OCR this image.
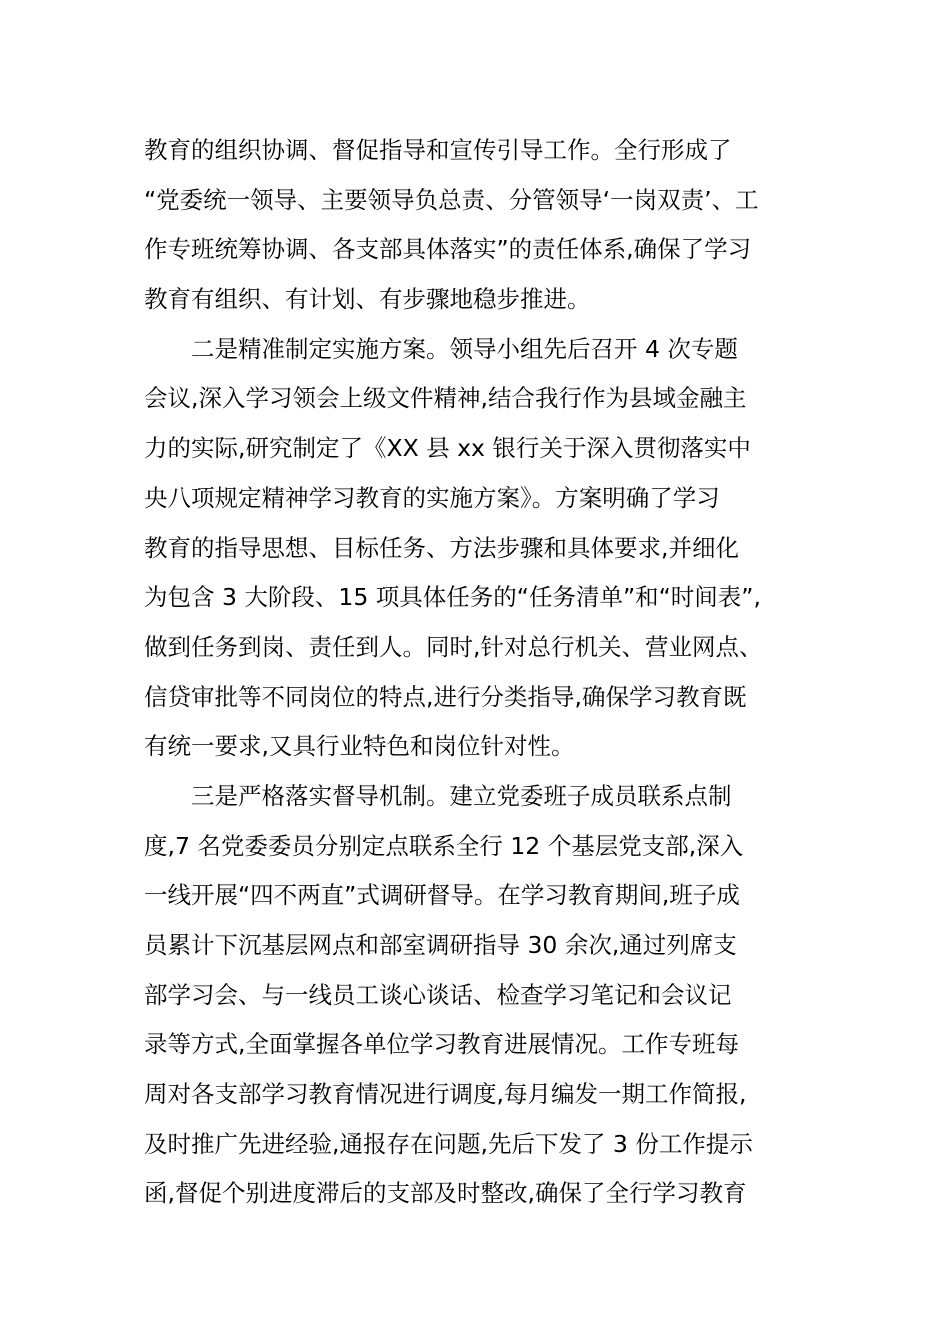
教育的组织协调、督促指导和宣传引导工作。全行形成了
“党委统一领导、主要领导负总责、分管领导‘一岗双责’、工
作专班统筹协调、各支部具体落实”的责任体系,确保了学习
教育有组织、有计划、有步骤地稳步推进。
　　二是精准制定实施方案。领导小组先后召开 4 次专题
会议,深入学习领会上级文件精神,结合我行作为县域金融主
力的实际,研究制定了《XX 县 xx 银行关于深入贯彻落实中
央八项规定精神学习教育的实施方案》。方案明确了学习
教育的指导思想、目标任务、方法步骤和具体要求,并细化
为包含 3 大阶段、15 项具体任务的“任务清单”和“时间表”,
做到任务到岗、责任到人。同时,针对总行机关、营业网点、
信贷审批等不同岗位的特点,进行分类指导,确保学习教育既
有统一要求,又具行业特色和岗位针对性。
　　三是严格落实督导机制。建立党委班子成员联系点制
度,7 名党委委员分别定点联系全行 12 个基层党支部,深入
一线开展“四不两直”式调研督导。在学习教育期间,班子成
员累计下沉基层网点和部室调研指导 30 余次,通过列席支
部学习会、与一线员工谈心谈话、检查学习笔记和会议记
录等方式,全面掌握各单位学习教育进展情况。工作专班每
周对各支部学习教育情况进行调度,每月编发一期工作简报,
及时推广先进经验,通报存在问题,先后下发了 3 份工作提示
函,督促个别进度滞后的支部及时整改,确保了全行学习教育
